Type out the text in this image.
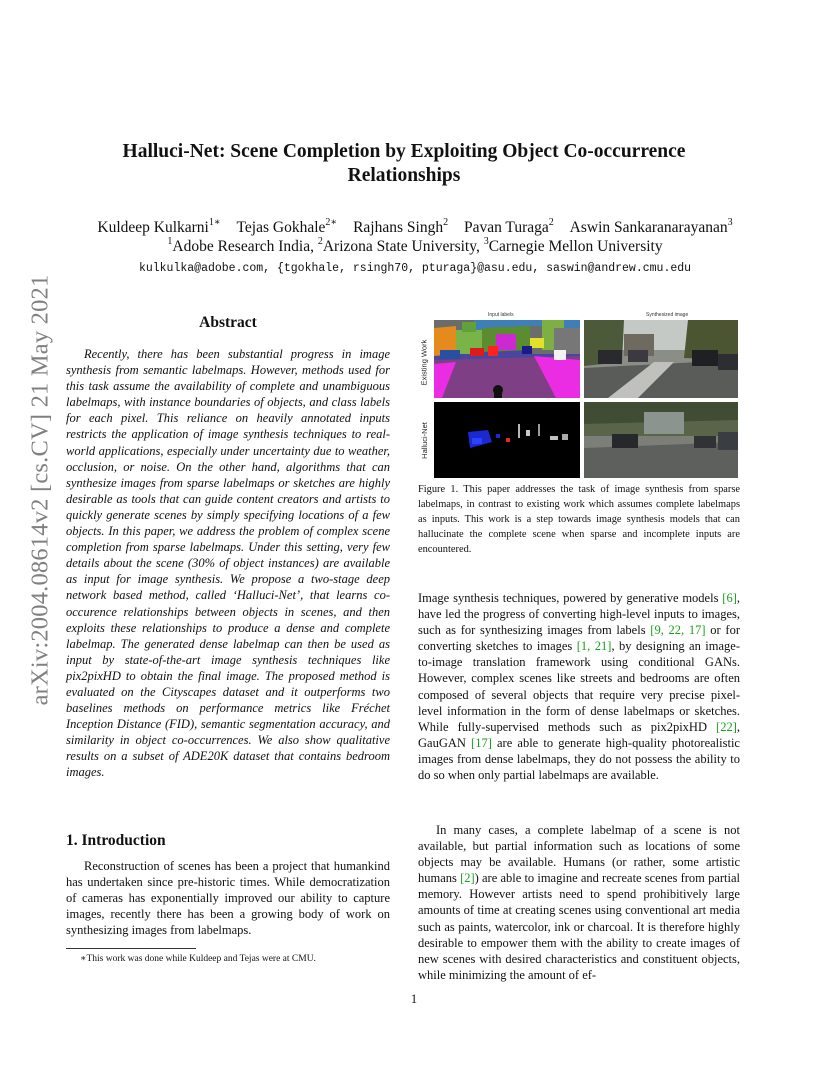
arXiv:2004.08614v2 [cs.CV] 21 May 2021
Halluci-Net: Scene Completion by Exploiting Object Co-occurrence Relationships
Kuldeep Kulkarni$^{1∗}$ Tejas Gokhale$^{2∗}$ Rajhans Singh$^2$ Pavan Turaga$^2$ Aswin Sankaranarayanan$^3$
$^1$Adobe Research India, $^2$Arizona State University, $^3$Carnegie Mellon University
kulkulka@adobe.com, {tgokhale, rsingh70, pturaga}@asu.edu, saswin@andrew.cmu.edu
Abstract

Recently, there has been substantial progress in image synthesis from semantic labelmaps. However, methods used for this task assume the availability of complete and unambiguous labelmaps, with instance boundaries of objects, and class labels for each pixel. This reliance on heavily annotated inputs restricts the application of image synthesis techniques to real-world applications, especially under uncertainty due to weather, occlusion, or noise. On the other hand, algorithms that can synthesize images from sparse labelmaps or sketches are highly desirable as tools that can guide content creators and artists to quickly generate scenes by simply specifying locations of a few objects. In this paper, we address the problem of complex scene completion from sparse labelmaps. Under this setting, very few details about the scene (30% of object instances) are available as input for image synthesis. We propose a two-stage deep network based method, called ‘Halluci-Net’, that learns co-occurence relationships between objects in scenes, and then exploits these relationships to produce a dense and complete labelmap. The generated dense labelmap can then be used as input by state-of-the-art image synthesis techniques like pix2pixHD to obtain the final image. The proposed method is evaluated on the Cityscapes dataset and it outperforms two baselines methods on performance metrics like Fréchet Inception Distance (FID), semantic segmentation accuracy, and similarity in object co-occurrences. We also show qualitative results on a subset of ADE20K dataset that contains bedroom images.

1. Introduction

Reconstruction of scenes has been a project that humankind has undertaken since pre-historic times. While democratization of cameras has exponentially improved our ability to capture images, recently there has been a growing body of work on synthesizing images from labelmaps.

∗This work was done while Kuldeep and Tejas were at CMU.

Input labels	Synthesized image
Existing Work
Halluci-Net

Figure 1. This paper addresses the task of image synthesis from sparse labelmaps, in contrast to existing work which assumes complete labelmaps as inputs. This work is a step towards image synthesis models that can hallucinate the complete scene when sparse and incomplete inputs are encountered.

Image synthesis techniques, powered by generative models [6], have led the progress of converting high-level inputs to images, such as for synthesizing images from labels [9, 22, 17] or for converting sketches to images [1, 21], by designing an image-to-image translation framework using conditional GANs. However, complex scenes like streets and bedrooms are often composed of several objects that require very precise pixel-level information in the form of dense labelmaps or sketches. While fully-supervised methods such as pix2pixHD [22], GauGAN [17] are able to generate high-quality photorealistic images from dense labelmaps, they do not possess the ability to do so when only partial labelmaps are available.

In many cases, a complete labelmap of a scene is not available, but partial information such as locations of some objects may be available. Humans (or rather, some artistic humans [2]) are able to imagine and recreate scenes from partial memory. However artists need to spend prohibitively large amounts of time at creating scenes using conventional art media such as paints, watercolor, ink or charcoal. It is therefore highly desirable to empower them with the ability to create images of new scenes with desired characteristics and constituent objects, while minimizing the amount of ef-

1
